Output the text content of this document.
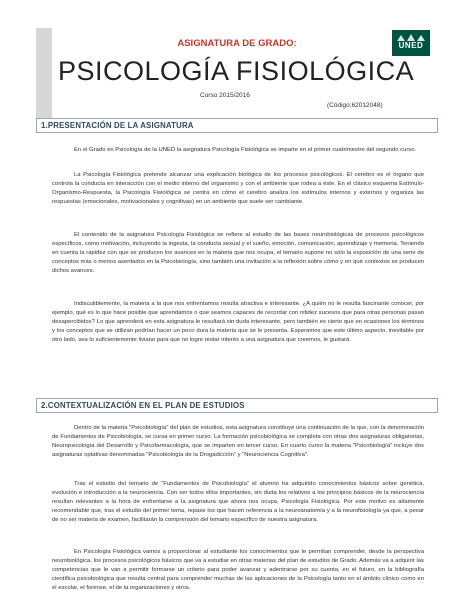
UNED
ASIGNATURA DE GRADO:
PSICOLOGÍA FISIOLÓGICA
Curso 2015/2016
(Código:62012048)
1.PRESENTACIÓN DE LA ASIGNATURA

En el Grado en Psicología de la UNED la asignatura Psicología Fisiológica se imparte en el primer cuatrimestre del segundo curso.

La Psicología Fisiológica pretende alcanzar una explicación biológica de los procesos psicológicos. El cerebro es el órgano que controla la conducta en interacción con el medio interno del organismo y con el ambiente que rodea a éste. En el clásico esquema Estímulo-Organismo-Respuesta, la Psicología Fisiológica se centra en cómo el cerebro analiza los estímulos internos y externos y organiza las respuestas (emocionales, motivacionales y cognitivas) en un ambiente que suele ser cambiante.

El contenido de la asignatura Psicología Fisiológica se refiere al estudio de las bases neurobiológicas de procesos psicológicos específicos, como motivación, incluyendo la ingesta, la conducta sexual y el sueño, emoción, comunicación, aprendizaje y memoria. Teniendo en cuenta la rapidez con que se producen los avances en la materia que nos ocupa, el temario supone no sólo la exposición de una serie de conceptos más o menos asentados en la Psicobiología, sino también una invitación a la reflexión sobre cómo y en qué contextos se producen dichos avances.

Indiscutiblemente, la materia a la que nos enfrentamos resulta atractiva e interesante. ¿A quién no le resulta fascinante conocer, por ejemplo, qué es lo que hace posible que aprendamos o que seamos capaces de recordar con nitidez sucesos que para otras personas pasan desapercibidos? Lo que aprenderá en esta asignatura le resultará sin duda interesante, pero también es cierto que en ocasiones los términos y los conceptos que se utilizan podrían hacer un poco dura la materia que se le presenta. Esperamos que este último aspecto, inevitable por otro lado, sea lo suficientemente liviano para que no logre restar interés a una asignatura que creemos, le gustará.

2.CONTEXTUALIZACIÓN EN EL PLAN DE ESTUDIOS

Dentro de la materia "Psicobiología" del plan de estudios, esta asignatura constituye una continuación de la que, con la denominación de Fundamentos de Psicobiología, se cursa en primer curso. La formación psicobiológica se completa con otras dos asignaturas obligatorias, Neuropsicología del Desarrollo y Psicofarmacología, que se imparten en tercer curso. En cuarto curso la materia "Psicobiología" incluye dos asignaturas optativas denominadas "Psicobiología de la Drogadicción" y "Neurociencia Cognitiva".

Tras el estudio del temario de "Fundamentos de Psicobiología" el alumno ha adquirido conocimientos básicos sobre genética, evolución e introducción a la neurociencia. Con ser todos ellos importantes, sin duda los relativos a los principios básicos de la neurociencia resultan relevantes a la hora de enfrentarse a la asignatura que ahora nos ocupa, Psicología Fisiológica. Por este motivo es altamente recomendable que, tras el estudio del primer tema, repase los que hacen referencia a la neuroanatomía y a la neurofisiología ya que, a pesar de no ser materia de examen, facilitarán la comprensión del temario específico de nuestra asignatura.

En Psicología Fisiológica vamos a proporcionar al estudiante los conocimientos que le permitan comprender, desde la perspectiva neurobiológica, los procesos psicológicos básicos que va a estudiar en otras materias del plan de estudios de Grado. Además va a adquirir las competencias que le van a permitir formarse un criterio para poder avanzar y adentrarse por su cuenta, en el futuro, en la bibliografía científica psicobiológica que resulta central para comprender muchas de las aplicaciones de la Psicología tanto en el ámbito clínico como en el escolar, el forense, el de la organizaciones y otros.
